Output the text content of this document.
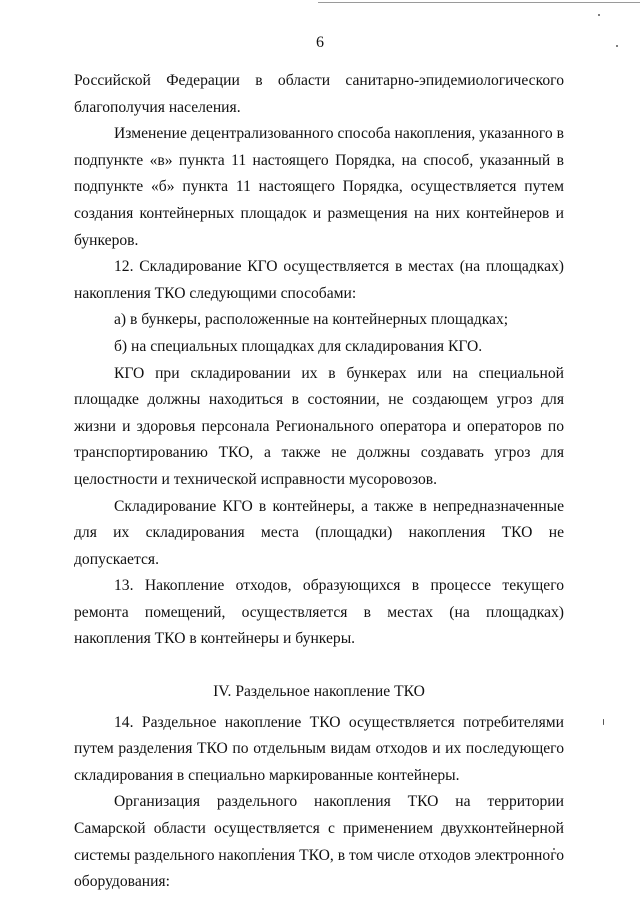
6

Российской Федерации в области санитарно-эпидемиологического

благополучия населения.

Изменение децентрализованного способа накопления, указанного в подпункте «в» пункта 11 настоящего Порядка, на способ, указанный в подпункте «б» пункта 11 настоящего Порядка, осуществляется путем создания контейнерных площадок и размещения на них контейнеров и бункеров.

12. Складирование КГО осуществляется в местах (на площадках) накопления ТКО следующими способами:

а) в бункеры, расположенные на контейнерных площадках;

б) на специальных площадках для складирования КГО.

КГО при складировании их в бункерах или на специальной площадке должны находиться в состоянии, не создающем угроз для жизни и здоровья персонала Регионального оператора и операторов по транспортированию ТКО, а также не должны создавать угроз для целостности и технической исправности мусоровозов.

Складирование КГО в контейнеры, а также в непредназначенные для их складирования места (площадки) накопления ТКО не допускается.

13. Накопление отходов, образующихся в процессе текущего ремонта помещений, осуществляется в местах (на площадках) накопления ТКО в контейнеры и бункеры.

IV. Раздельное накопление ТКО

14. Раздельное накопление ТКО осуществляется потребителями путем разделения ТКО по отдельным видам отходов и их последующего складирования в специально маркированные контейнеры.

Организация раздельного накопления ТКО на территории Самарской области осуществляется с применением двухконтейнерной системы раздельного накопления ТКО, в том числе отходов электронного оборудования:
